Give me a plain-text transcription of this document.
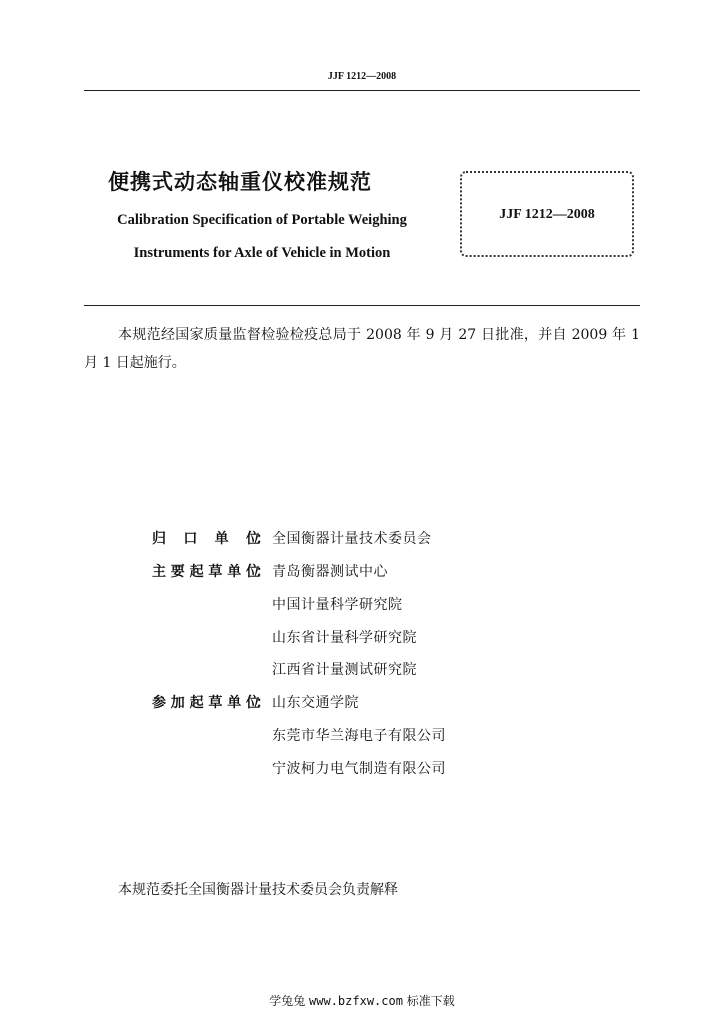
JJF 1212—2008
便携式动态轴重仪校准规范
Calibration Specification of Portable Weighing
Instruments for Axle of Vehicle in Motion
JJF 1212—2008
本规范经国家质量监督检验检疫总局于 2008 年 9 月 27 日批准，并自 2009 年 1 月 1 日起施行。
归口单位
： 全国衡器计量技术委员会
主要起草单位
： 青岛衡器测试中心
中国计量科学研究院
山东省计量科学研究院
江西省计量测试研究院
参加起草单位
： 山东交通学院
东莞市华兰海电子有限公司
宁波柯力电气制造有限公司
本规范委托全国衡器计量技术委员会负责解释
学兔兔 www.bzfxw.com 标准下载
